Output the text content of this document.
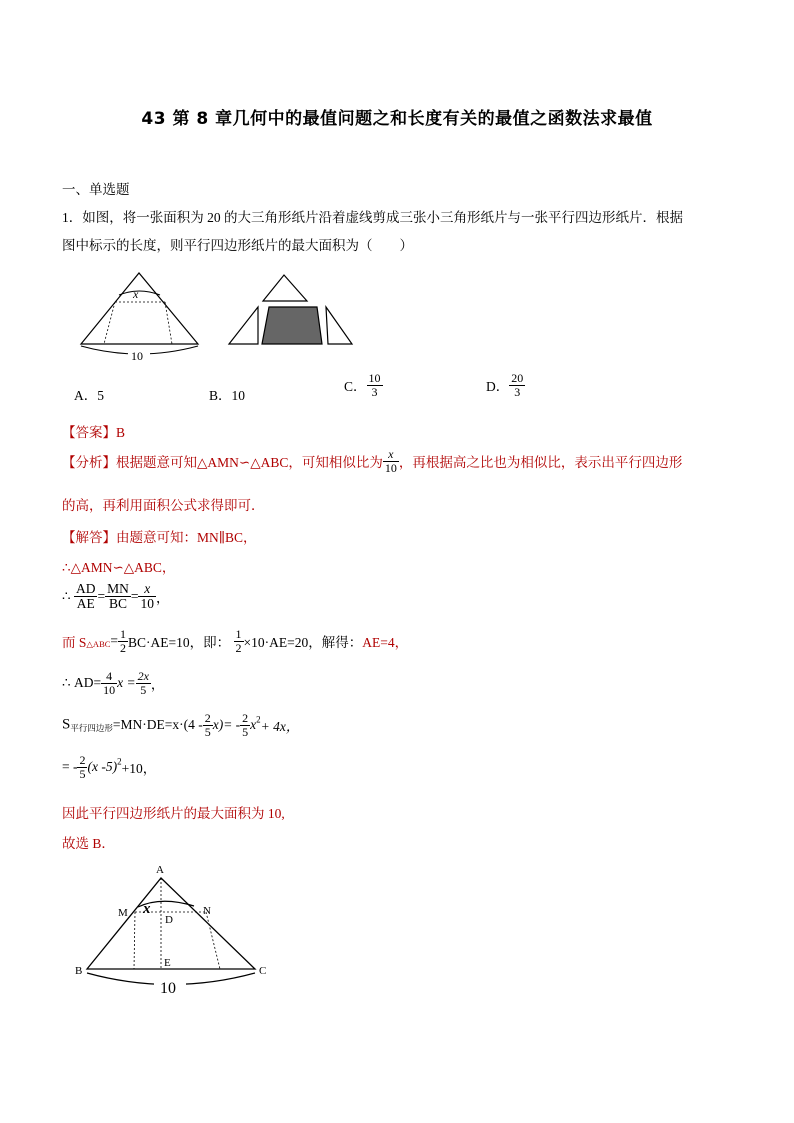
43 第 8 章几何中的最值问题之和长度有关的最值之函数法求最值
一、单选题
1．如图，将一张面积为 20 的大三角形纸片沿着虚线剪成三张小三角形纸片与一张平行四边形纸片．根据
图中标示的长度，则平行四边形纸片的最大面积为（　　）
x
10
A．5	B．10
C． $\frac{10}{3}$	D． $\frac{20}{3}$
【答案】B
【分析】根据题意可知△AMN∽△ABC，可知相似比为 $\frac{x}{10}$ ，再根据高之比也为相似比，表示出平行四边形
的高，再利用面积公式求得即可．
【解答】由题意可知：MN∥BC，
∴△AMN∽△ABC，
∴ $\frac{AD}{AE} = \frac{MN}{BC} = \frac{x}{10}$ ，
而 $S_{\triangle ABC}= \frac{1}{2} BC\cdot AE=10$，即： $\frac{1}{2} \times 10\cdot AE=20$，解得：AE=4，
∴ $AD= \frac{4}{10}$ $x = \frac{2x}{5}$ ，
$S_{平行四边形}=MN\cdot DE=x\cdot(4 - \frac{2}{5} x)= - \frac{2}{5} x^2+ 4x$，
= - $\frac{2}{5} (x$ -5)$^2$+10，
因此平行四边形纸片的最大面积为 10,
故选 B．
A
B	C
M	N
D
E
x
10
